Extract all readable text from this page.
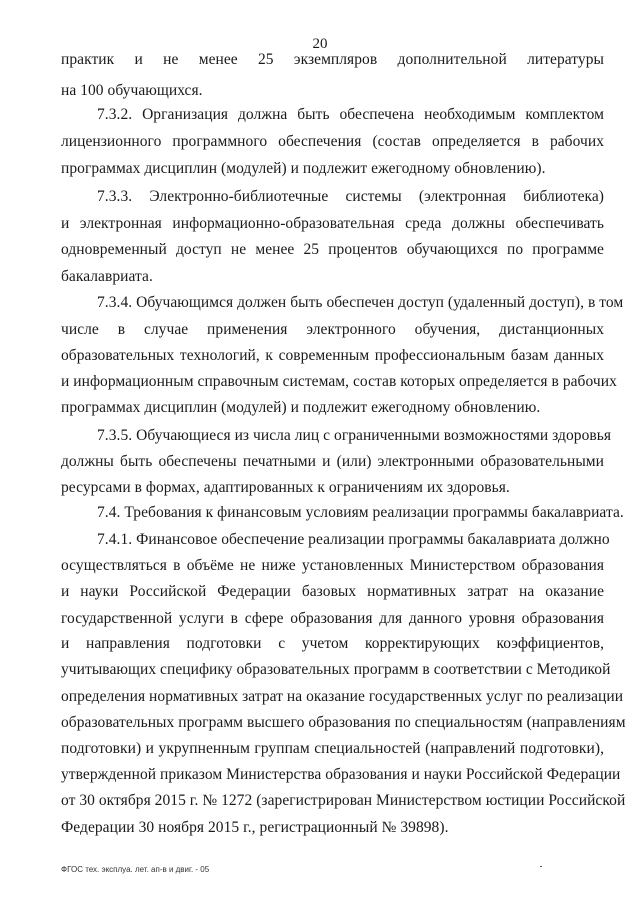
20
практик и не менее 25 экземпляров дополнительной литературы
на 100 обучающихся.
7.3.2. Организация должна быть обеспечена необходимым комплектом
лицензионного программного обеспечения (состав определяется в рабочих
программах дисциплин (модулей) и подлежит ежегодному обновлению).
7.3.3. Электронно-библиотечные системы (электронная библиотека)
и электронная информационно-образовательная среда должны обеспечивать
одновременный доступ не менее 25 процентов обучающихся по программе
бакалавриата.
7.3.4. Обучающимся должен быть обеспечен доступ (удаленный доступ), в том
числе в случае применения электронного обучения, дистанционных
образовательных технологий, к современным профессиональным базам данных
и информационным справочным системам, состав которых определяется в рабочих
программах дисциплин (модулей) и подлежит ежегодному обновлению.
7.3.5. Обучающиеся из числа лиц с ограниченными возможностями здоровья
должны быть обеспечены печатными и (или) электронными образовательными
ресурсами в формах, адаптированных к ограничениям их здоровья.
7.4. Требования к финансовым условиям реализации программы бакалавриата.
7.4.1. Финансовое обеспечение реализации программы бакалавриата должно
осуществляться в объёме не ниже установленных Министерством образования
и науки Российской Федерации базовых нормативных затрат на оказание
государственной услуги в сфере образования для данного уровня образования
и направления подготовки с учетом корректирующих коэффициентов,
учитывающих специфику образовательных программ в соответствии с Методикой
определения нормативных затрат на оказание государственных услуг по реализации
образовательных программ высшего образования по специальностям (направлениям
подготовки) и укрупненным группам специальностей (направлений подготовки),
утвержденной приказом Министерства образования и науки Российской Федерации
от 30 октября 2015 г. № 1272 (зарегистрирован Министерством юстиции Российской
Федерации 30 ноября 2015 г., регистрационный № 39898).
ФГОС тех. эксплуа. лет. ап-в и двиг. - 05
